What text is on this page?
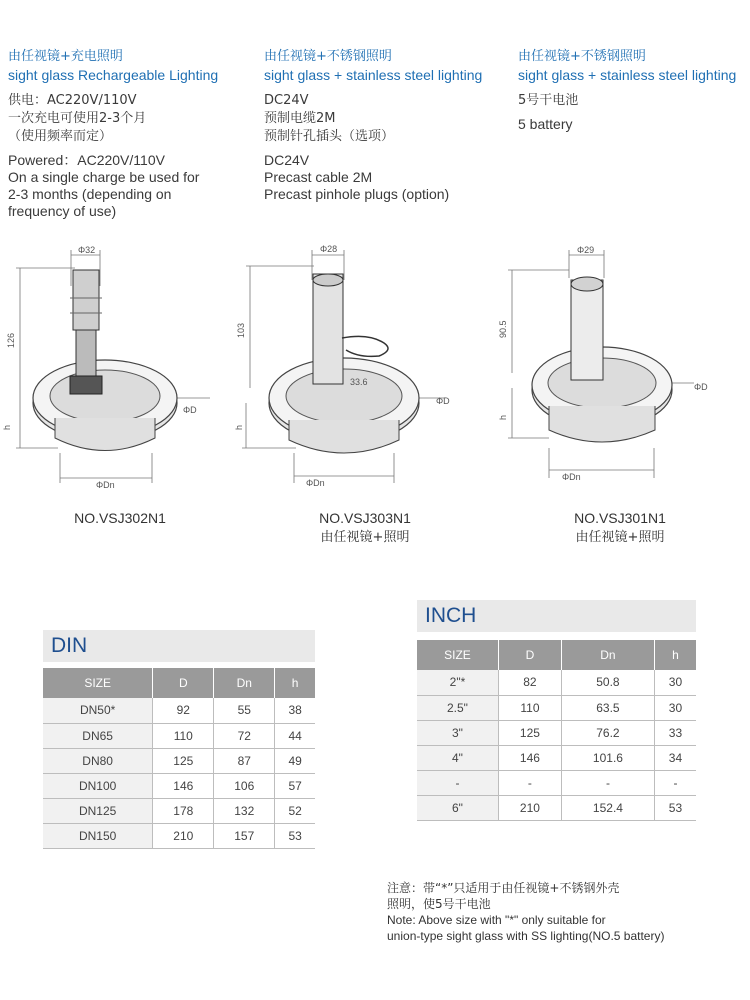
由任视镜+充电照明
sight glass Rechargeable Lighting
供电：AC220V/110V
一次充电可使用2-3个月
（使用频率而定）
Powered：AC220V/110V
On a single charge be used for
2-3 months (depending on
frequency of use)
由任视镜+不锈钢照明
sight glass + stainless steel lighting
DC24V
预制电缆2M
预制针孔插头（选项）
DC24V
Precast cable 2M
Precast pinhole plugs (option)
由任视镜+不锈钢照明
sight glass + stainless steel lighting
5号干电池
5 battery
Φ32
126
h
ΦD
ΦDn
Φ28
103
h
33.6
ΦD
ΦDn
Φ29
90.5
h
ΦD
ΦDn
NO.VSJ302N1	NO.VSJ303N1
由任视镜+照明
NO.VSJ301N1
由任视镜+照明
DIN
SIZE	D	Dn	h
DN50*	92	55	38
DN65	110	72	44
DN80	125	87	49
DN100	146	106	57
DN125	178	132	52
DN150	210	157	53
INCH
SIZE	D	Dn	h
2"*	82	50.8	30
2.5"	110	63.5	30
3"	125	76.2	33
4"	146	101.6	34
-	-	-	-
6"	210	152.4	53
注意：带“*”只适用于由任视镜+不锈钢外壳
照明，使5号干电池
Note: Above size with "*" only suitable for
union-type sight glass with SS lighting(NO.5 battery)
